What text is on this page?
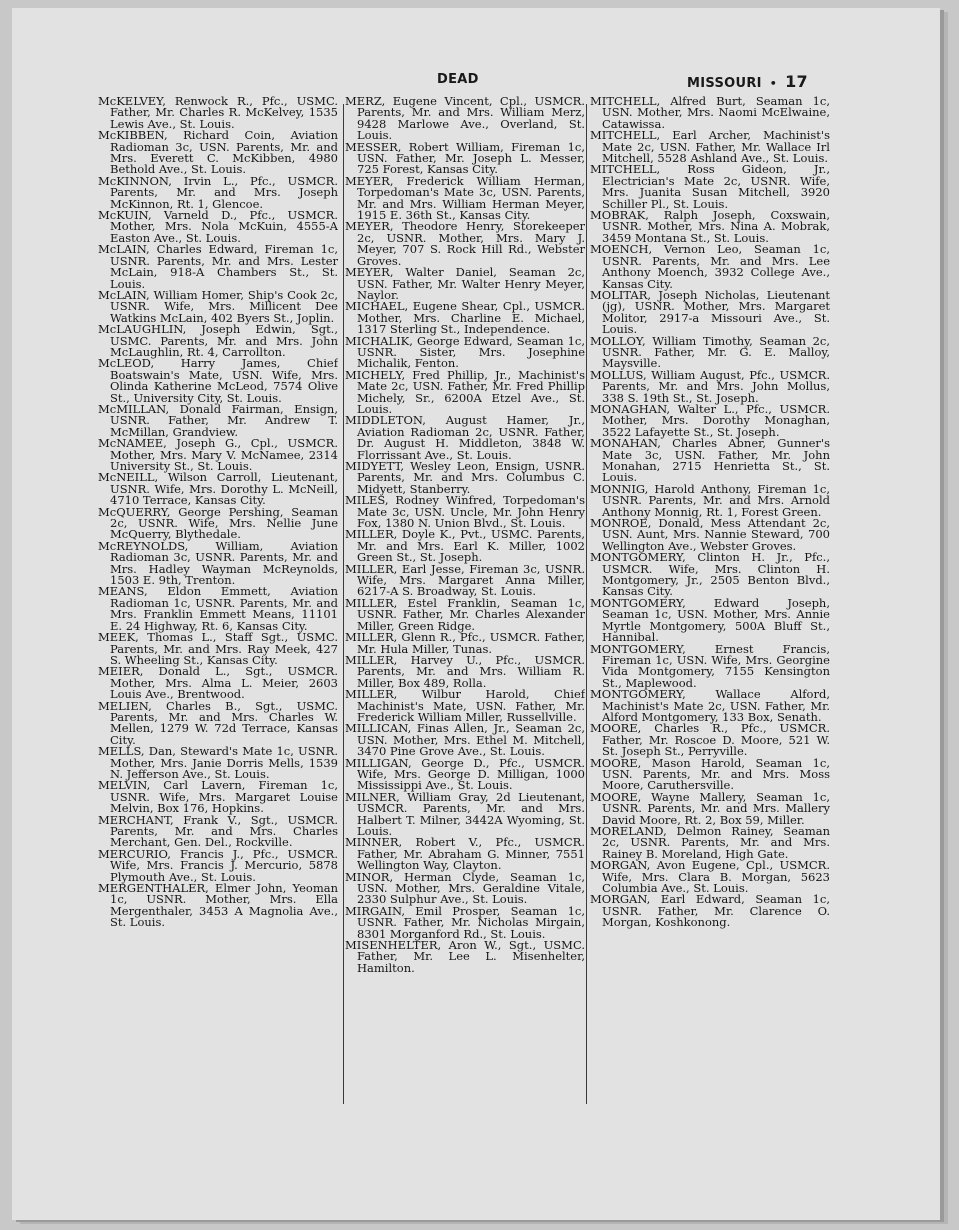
DEAD	MISSOURI • 17
McKELVEY, Renwock R., Pfc., USMC. Father, Mr. Charles R. McKelvey, 1535 Lewis Ave., St. Louis.
McKIBBEN, Richard Coin, Aviation Radioman 3c, USN. Parents, Mr. and Mrs. Everett C. McKibben, 4980 Bethold Ave., St. Louis.
McKINNON, Irvin L., Pfc., USMCR. Parents, Mr. and Mrs. Joseph McKinnon, Rt. 1, Glencoe.
McKUIN, Varneld D., Pfc., USMCR. Mother, Mrs. Nola McKuin, 4555-A Easton Ave., St. Louis.
McLAIN, Charles Edward, Fireman 1c, USNR. Parents, Mr. and Mrs. Lester McLain, 918-A Chambers St., St. Louis.
McLAIN, William Homer, Ship's Cook 2c, USNR. Wife, Mrs. Millicent Dee Watkins McLain, 402 Byers St., Joplin.
McLAUGHLIN, Joseph Edwin, Sgt., USMC. Parents, Mr. and Mrs. John McLaughlin, Rt. 4, Carrollton.
McLEOD, Harry James, Chief Boatswain's Mate, USN. Wife, Mrs. Olinda Katherine McLeod, 7574 Olive St., University City, St. Louis.
McMILLAN, Donald Fairman, Ensign, USNR. Father, Mr. Andrew T. McMillan, Grandview.
McNAMEE, Joseph G., Cpl., USMCR. Mother, Mrs. Mary V. McNamee, 2314 University St., St. Louis.
McNEILL, Wilson Carroll, Lieutenant, USNR. Wife, Mrs. Dorothy L. McNeill, 4710 Terrace, Kansas City.
McQUERRY, George Pershing, Seaman 2c, USNR. Wife, Mrs. Nellie June McQuerry, Blythedale.
McREYNOLDS, William, Aviation Radioman 3c, USNR. Parents, Mr. and Mrs. Hadley Wayman McReynolds, 1503 E. 9th, Trenton.
MEANS, Eldon Emmett, Aviation Radioman 1c, USNR. Parents, Mr. and Mrs. Franklin Emmett Means, 11101 E. 24 Highway, Rt. 6, Kansas City.
MEEK, Thomas L., Staff Sgt., USMC. Parents, Mr. and Mrs. Ray Meek, 427 S. Wheeling St., Kansas City.
MEIER, Donald L., Sgt., USMCR. Mother, Mrs. Alma L. Meier, 2603 Louis Ave., Brentwood.
MELIEN, Charles B., Sgt., USMC. Parents, Mr. and Mrs. Charles W. Mellen, 1279 W. 72d Terrace, Kansas City.
MELLS, Dan, Steward's Mate 1c, USNR. Mother, Mrs. Janie Dorris Mells, 1539 N. Jefferson Ave., St. Louis.
MELVIN, Carl Lavern, Fireman 1c, USNR. Wife, Mrs. Margaret Louise Melvin, Box 176, Hopkins.
MERCHANT, Frank V., Sgt., USMCR. Parents, Mr. and Mrs. Charles Merchant, Gen. Del., Rockville.
MERCURIO, Francis J., Pfc., USMCR. Wife, Mrs. Francis J. Mercurio, 5878 Plymouth Ave., St. Louis.
MERGENTHALER, Elmer John, Yeoman 1c, USNR. Mother, Mrs. Ella Mergenthaler, 3453 A Magnolia Ave., St. Louis.
MERZ, Eugene Vincent, Cpl., USMCR. Parents, Mr. and Mrs. William Merz, 9428 Marlowe Ave., Overland, St. Louis.
MESSER, Robert William, Fireman 1c, USN. Father, Mr. Joseph L. Messer, 725 Forest, Kansas City.
MEYER, Frederick William Herman, Torpedoman's Mate 3c, USN. Parents, Mr. and Mrs. William Herman Meyer, 1915 E. 36th St., Kansas City.
MEYER, Theodore Henry, Storekeeper 2c, USNR. Mother, Mrs. Mary J. Meyer, 707 S. Rock Hill Rd., Webster Groves.
MEYER, Walter Daniel, Seaman 2c, USN. Father, Mr. Walter Henry Meyer, Naylor.
MICHAEL, Eugene Shear, Cpl., USMCR. Mother, Mrs. Charline E. Michael, 1317 Sterling St., Independence.
MICHALIK, George Edward, Seaman 1c, USNR. Sister, Mrs. Josephine Michalik, Fenton.
MICHELY, Fred Phillip, Jr., Machinist's Mate 2c, USN. Father, Mr. Fred Phillip Michely, Sr., 6200A Etzel Ave., St. Louis.
MIDDLETON, August Hamer, Jr., Aviation Radioman 2c, USNR. Father, Dr. August H. Middleton, 3848 W. Florrissant Ave., St. Louis.
MIDYETT, Wesley Leon, Ensign, USNR. Parents, Mr. and Mrs. Columbus C. Midyett, Stanberry.
MILES, Rodney Winfred, Torpedoman's Mate 3c, USN. Uncle, Mr. John Henry Fox, 1380 N. Union Blvd., St. Louis.
MILLER, Doyle K., Pvt., USMC. Parents, Mr. and Mrs. Earl K. Miller, 1002 Green St., St. Joseph.
MILLER, Earl Jesse, Fireman 3c, USNR. Wife, Mrs. Margaret Anna Miller, 6217-A S. Broadway, St. Louis.
MILLER, Estel Franklin, Seaman 1c, USNR. Father, Mr. Charles Alexander Miller, Green Ridge.
MILLER, Glenn R., Pfc., USMCR. Father, Mr. Hula Miller, Tunas.
MILLER, Harvey U., Pfc., USMCR. Parents, Mr. and Mrs. William R. Miller, Box 489, Rolla.
MILLER, Wilbur Harold, Chief Machinist's Mate, USN. Father, Mr. Frederick William Miller, Russellville.
MILLICAN, Finas Allen, Jr., Seaman 2c, USN. Mother, Mrs. Ethel M. Mitchell, 3470 Pine Grove Ave., St. Louis.
MILLIGAN, George D., Pfc., USMCR. Wife, Mrs. George D. Milligan, 1000 Mississippi Ave., St. Louis.
MILNER, William Gray, 2d Lieutenant, USMCR. Parents, Mr. and Mrs. Halbert T. Milner, 3442A Wyoming, St. Louis.
MINNER, Robert V., Pfc., USMCR. Father, Mr. Abraham G. Minner, 7551 Wellington Way, Clayton.
MINOR, Herman Clyde, Seaman 1c, USN. Mother, Mrs. Geraldine Vitale, 2330 Sulphur Ave., St. Louis.
MIRGAIN, Emil Prosper, Seaman 1c, USNR. Father, Mr. Nicholas Mirgain, 8301 Morganford Rd., St. Louis.
MISENHELTER, Aron W., Sgt., USMC. Father, Mr. Lee L. Misenhelter, Hamilton.
MITCHELL, Alfred Burt, Seaman 1c, USN. Mother, Mrs. Naomi McElwaine, Catawissa.
MITCHELL, Earl Archer, Machinist's Mate 2c, USN. Father, Mr. Wallace Irl Mitchell, 5528 Ashland Ave., St. Louis.
MITCHELL, Ross Gideon, Jr., Electrician's Mate 2c, USNR. Wife, Mrs. Juanita Susan Mitchell, 3920 Schiller Pl., St. Louis.
MOBRAK, Ralph Joseph, Coxswain, USNR. Mother, Mrs. Nina A. Mobrak, 3459 Montana St., St. Louis.
MOENCH, Vernon Leo, Seaman 1c, USNR. Parents, Mr. and Mrs. Lee Anthony Moench, 3932 College Ave., Kansas City.
MOLITAR, Joseph Nicholas, Lieutenant (jg), USNR. Mother, Mrs. Margaret Molitor, 2917-a Missouri Ave., St. Louis.
MOLLOY, William Timothy, Seaman 2c, USNR. Father, Mr. G. E. Malloy, Maysville.
MOLLUS, William August, Pfc., USMCR. Parents, Mr. and Mrs. John Mollus, 338 S. 19th St., St. Joseph.
MONAGHAN, Walter L., Pfc., USMCR. Mother, Mrs. Dorothy Monaghan, 3522 Lafayette St., St. Joseph.
MONAHAN, Charles Abner, Gunner's Mate 3c, USN. Father, Mr. John Monahan, 2715 Henrietta St., St. Louis.
MONNIG, Harold Anthony, Fireman 1c, USNR. Parents, Mr. and Mrs. Arnold Anthony Monnig, Rt. 1, Forest Green.
MONROE, Donald, Mess Attendant 2c, USN. Aunt, Mrs. Nannie Steward, 700 Wellington Ave., Webster Groves.
MONTGOMERY, Clinton H. Jr., Pfc., USMCR. Wife, Mrs. Clinton H. Montgomery, Jr., 2505 Benton Blvd., Kansas City.
MONTGOMERY, Edward Joseph, Seaman 1c, USN. Mother, Mrs. Annie Myrtle Montgomery, 500A Bluff St., Hannibal.
MONTGOMERY, Ernest Francis, Fireman 1c, USN. Wife, Mrs. Georgine Vida Montgomery, 7155 Kensington St., Maplewood.
MONTGOMERY, Wallace Alford, Machinist's Mate 2c, USN. Father, Mr. Alford Montgomery, 133 Box, Senath.
MOORE, Charles R., Pfc., USMCR. Father, Mr. Roscoe D. Moore, 521 W. St. Joseph St., Perryville.
MOORE, Mason Harold, Seaman 1c, USN. Parents, Mr. and Mrs. Moss Moore, Caruthersville.
MOORE, Wayne Mallery, Seaman 1c, USNR. Parents, Mr. and Mrs. Mallery David Moore, Rt. 2, Box 59, Miller.
MORELAND, Delmon Rainey, Seaman 2c, USNR. Parents, Mr. and Mrs. Rainey B. Moreland, High Gate.
MORGAN, Avon Eugene, Cpl., USMCR. Wife, Mrs. Clara B. Morgan, 5623 Columbia Ave., St. Louis.
MORGAN, Earl Edward, Seaman 1c, USNR. Father, Mr. Clarence O. Morgan, Koshkonong.
